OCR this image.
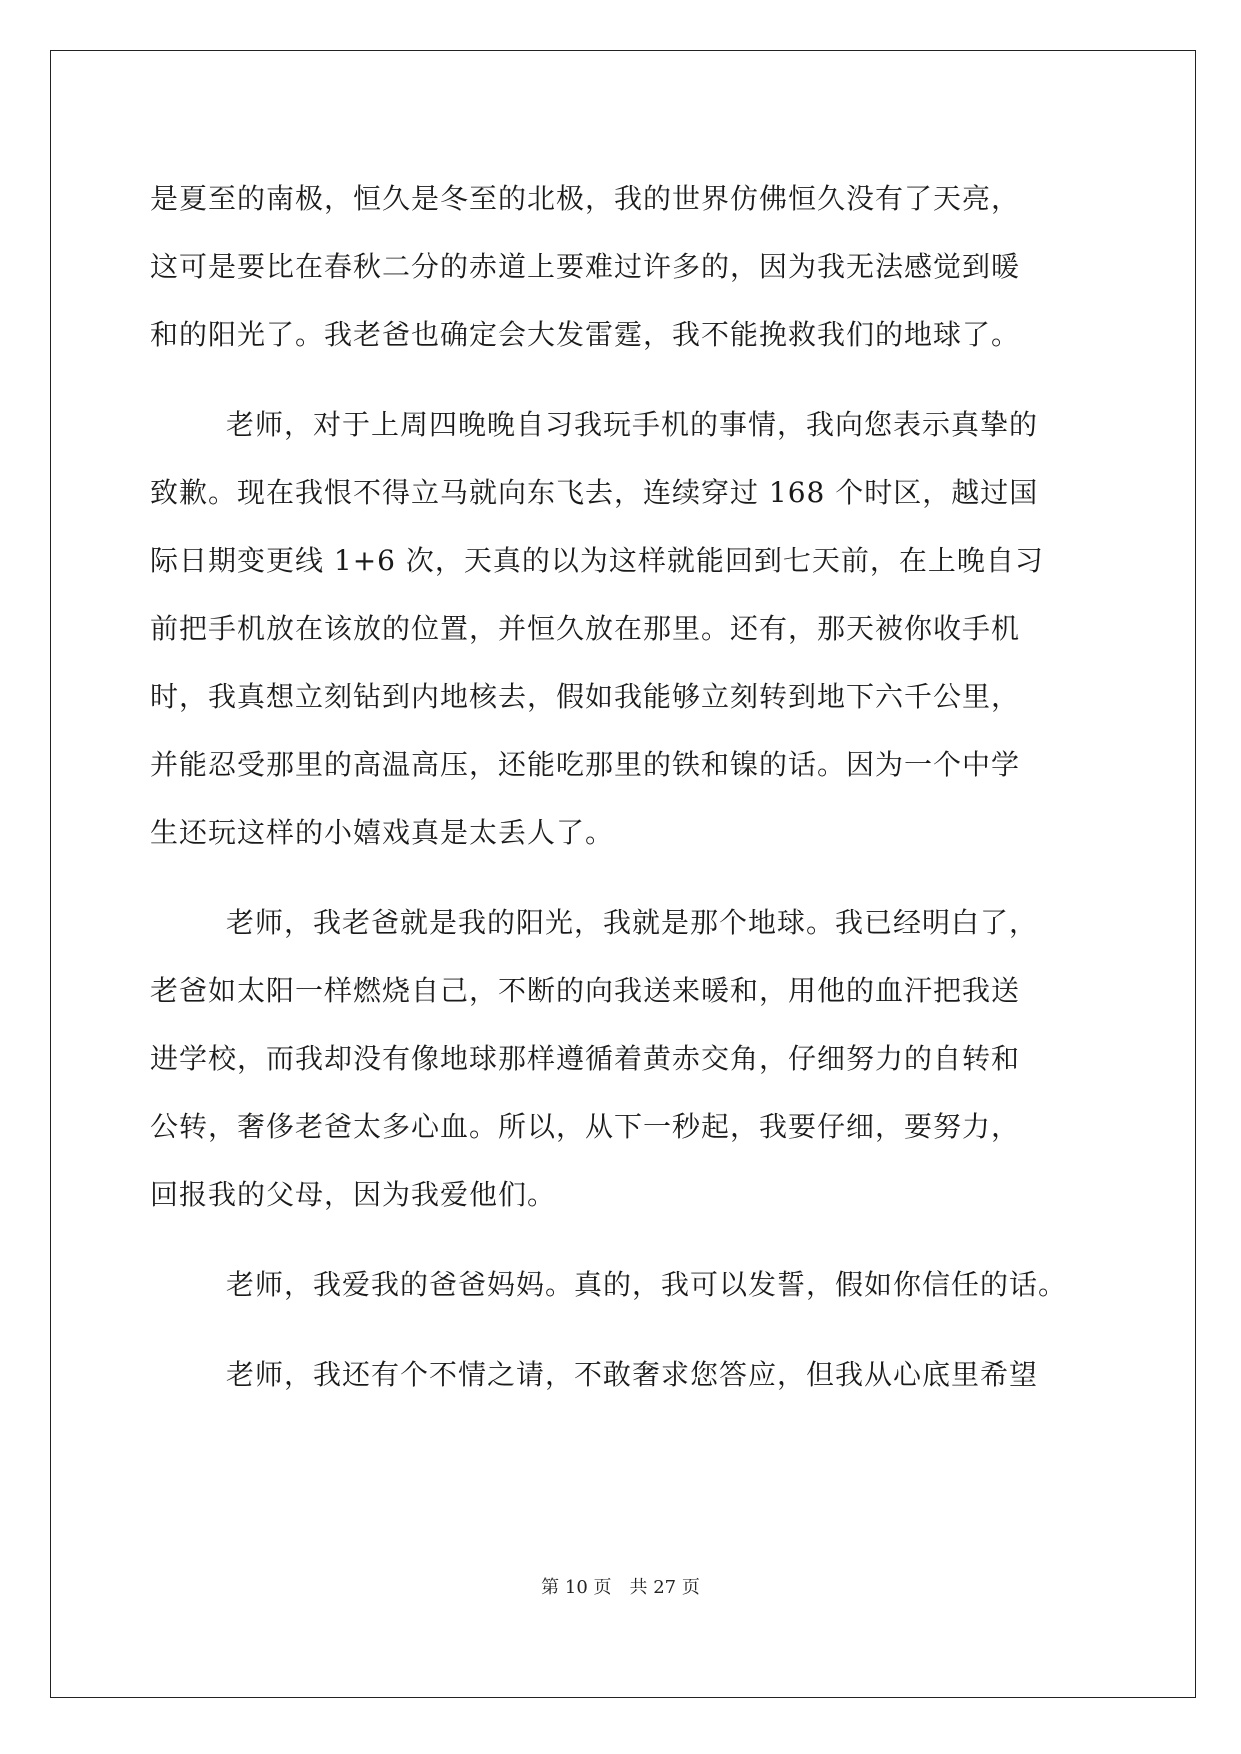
是夏至的南极，恒久是冬至的北极，我的世界仿佛恒久没有了天亮，
这可是要比在春秋二分的赤道上要难过许多的，因为我无法感觉到暖
和的阳光了。我老爸也确定会大发雷霆，我不能挽救我们的地球了。
老师，对于上周四晚晚自习我玩手机的事情，我向您表示真挚的
致歉。现在我恨不得立马就向东飞去，连续穿过 168 个时区，越过国
际日期变更线 1+6 次，天真的以为这样就能回到七天前，在上晚自习
前把手机放在该放的位置，并恒久放在那里。还有，那天被你收手机
时，我真想立刻钻到内地核去，假如我能够立刻转到地下六千公里，
并能忍受那里的高温高压，还能吃那里的铁和镍的话。因为一个中学
生还玩这样的小嬉戏真是太丢人了。
老师，我老爸就是我的阳光，我就是那个地球。我已经明白了，
老爸如太阳一样燃烧自己，不断的向我送来暖和，用他的血汗把我送
进学校，而我却没有像地球那样遵循着黄赤交角，仔细努力的自转和
公转，奢侈老爸太多心血。所以，从下一秒起，我要仔细，要努力，
回报我的父母，因为我爱他们。
老师，我爱我的爸爸妈妈。真的，我可以发誓，假如你信任的话。
老师，我还有个不情之请，不敢奢求您答应，但我从心底里希望
第 10 页　共 27 页
